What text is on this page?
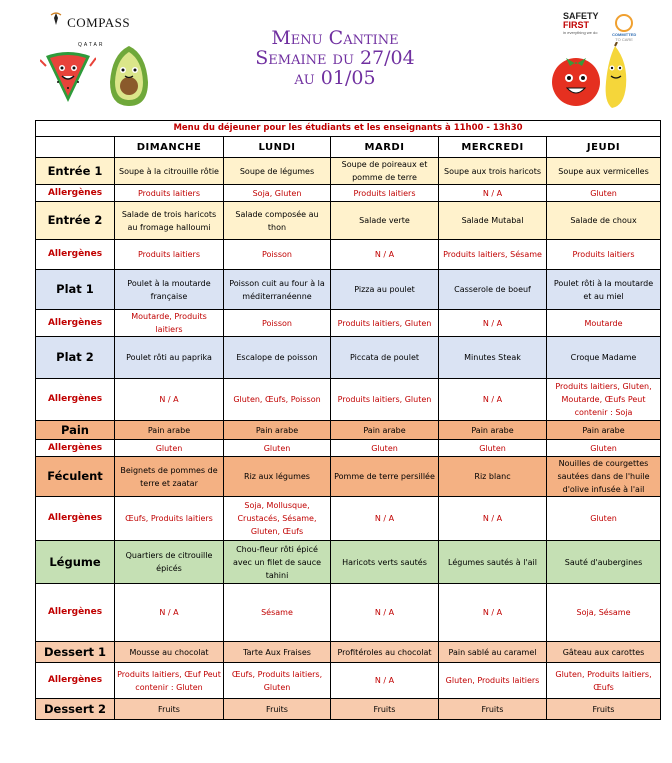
COMPASS
QATAR	Menu Cantine
Semaine du 27/04
au 01/05
SAFETY
FIRST
in everything we do	COMMITTED
TO CARE
Menu du déjeuner pour les étudiants et les enseignants à 11h00 - 13h30					
	DIMANCHE	LUNDI	MARDI	MERCREDI	JEUDI
Entrée 1	Soupe à la citrouille rôtie	Soupe de légumes	Soupe de poireaux et pomme de terre	Soupe aux trois haricots	Soupe aux vermicelles
Allergènes	Produits laitiers	Soja, Gluten	Produits laitiers	N / A	Gluten
Entrée 2	Salade de trois haricots au fromage halloumi	Salade composée au thon	Salade verte	Salade Mutabal	Salade de choux
Allergènes	Produits laitiers	Poisson	N / A	Produits laitiers, Sésame	Produits laitiers
Plat 1	Poulet à la moutarde française	Poisson cuit au four à la méditerranéenne	Pizza au poulet	Casserole de boeuf	Poulet rôti à la moutarde et au miel
Allergènes	Moutarde, Produits laitiers	Poisson	Produits laitiers, Gluten	N / A	Moutarde
Plat 2	Poulet rôti au paprika	Escalope de poisson	Piccata de poulet	Minutes Steak	Croque Madame
Allergènes	N / A	Gluten, Œufs, Poisson	Produits laitiers, Gluten	N / A	Produits laitiers, Gluten, Moutarde, Œufs Peut contenir : Soja
Pain	Pain arabe	Pain arabe	Pain arabe	Pain arabe	Pain arabe
Allergènes	Gluten	Gluten	Gluten	Gluten	Gluten
Féculent	Beignets de pommes de terre et zaatar	Riz aux légumes	Pomme de terre persillée	Riz blanc	Nouilles de courgettes sautées dans de l'huile d'olive infusée à l'ail
Allergènes	Œufs, Produits laitiers	Soja, Mollusque, Crustacés, Sésame, Gluten, Œufs	N / A	N / A	Gluten
Légume	Quartiers de citrouille épicés	Chou-fleur rôti épicé avec un filet de sauce tahini	Haricots verts sautés	Légumes sautés à l'ail	Sauté d'aubergines
Allergènes	N / A	Sésame	N / A	N / A	Soja, Sésame
Dessert 1	Mousse au chocolat	Tarte Aux Fraises	Profitéroles au chocolat	Pain sablé au caramel	Gâteau aux carottes
Allergènes	Produits laitiers, Œuf Peut contenir : Gluten	Œufs, Produits laitiers, Gluten	N / A	Gluten, Produits laitiers	Gluten, Produits laitiers, Œufs
Dessert 2	Fruits	Fruits	Fruits	Fruits	Fruits
